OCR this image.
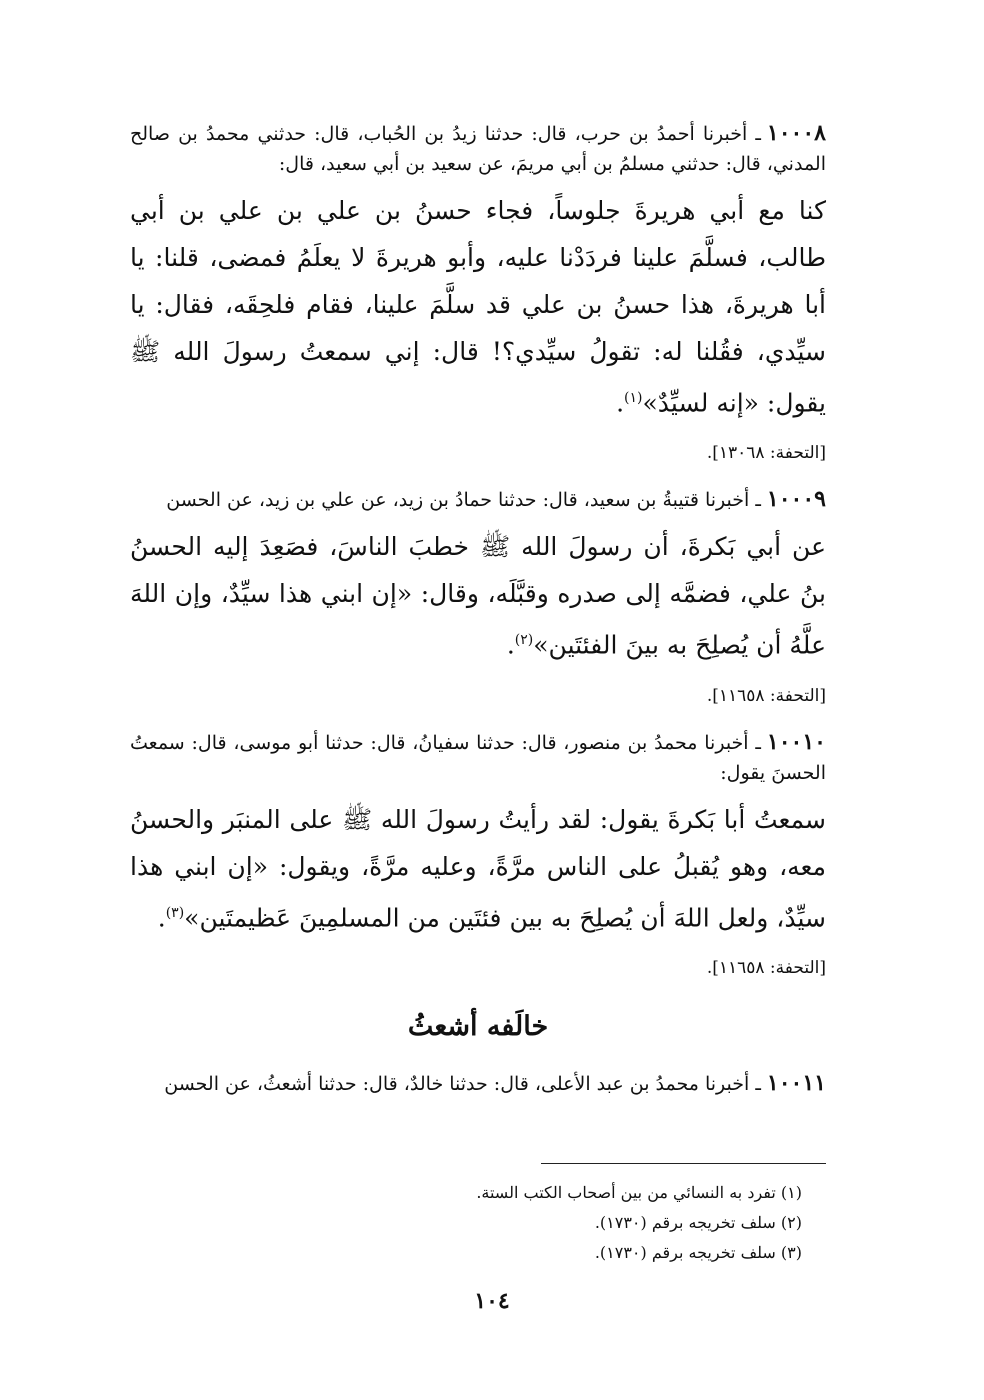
١٠٠٠٨ـ أخبرنا أحمدُ بن حرب، قال: حدثنا زيدُ بن الحُباب، قال: حدثني محمدُ بن صالح المدني، قال: حدثني مسلمُ بن أبي مريمَ، عن سعيد بن أبي سعيد، قال:

كنا مع أبي هريرةَ جلوساً، فجاء حسنُ بن علي بن علي بن أبي طالب، فسلَّمَ علينا فردَدْنا عليه، وأبو هريرةَ لا يعلَمُ فمضى، قلنا: يا أبا هريرةَ، هذا حسنُ بن علي قد سلَّمَ علينا، فقام فلحِقَه، فقال: يا سيِّدي، فقُلنا له: تقولُ سيِّدي؟! قال: إني سمعتُ رسولَ الله ﷺ يقول: «إنه لسيِّدٌ»$^{(١)}$.

[التحفة: ١٣٠٦٨].

١٠٠٠٩ـ أخبرنا قتيبةُ بن سعيد، قال: حدثنا حمادُ بن زيد، عن علي بن زيد، عن الحسن

عن أبي بَكرةَ، أن رسولَ الله ﷺ خطبَ الناسَ، فصَعِدَ إليه الحسنُ بنُ علي، فضمَّه إلى صدره وقبَّلَه، وقال: «إن ابني هذا سيِّدٌ، وإن اللهَ علَّهُ أن يُصلِحَ به بينَ الفئتَين»$^{(٢)}$.

[التحفة: ١١٦٥٨].

١٠٠١٠ـ أخبرنا محمدُ بن منصور، قال: حدثنا سفيانُ، قال: حدثنا أبو موسى، قال: سمعتُ الحسنَ يقول:

سمعتُ أبا بَكرةَ يقول: لقد رأيتُ رسولَ الله ﷺ على المنبَر والحسنُ معه، وهو يُقبلُ على الناس مرَّةً، وعليه مرَّةً، ويقول: «إن ابني هذا سيِّدٌ، ولعل اللهَ أن يُصلِحَ به بين فئتَين من المسلمِينَ عَظيمتَين»$^{(٣)}$.

[التحفة: ١١٦٥٨].
خالَفه أشعثُ

١٠٠١١ـ أخبرنا محمدُ بن عبد الأعلى، قال: حدثنا خالدٌ، قال: حدثنا أشعثُ، عن الحسن

(١) تفرد به النسائي من بين أصحاب الكتب الستة.
(٢) سلف تخريجه برقم (١٧٣٠).
(٣) سلف تخريجه برقم (١٧٣٠).
١٠٤
